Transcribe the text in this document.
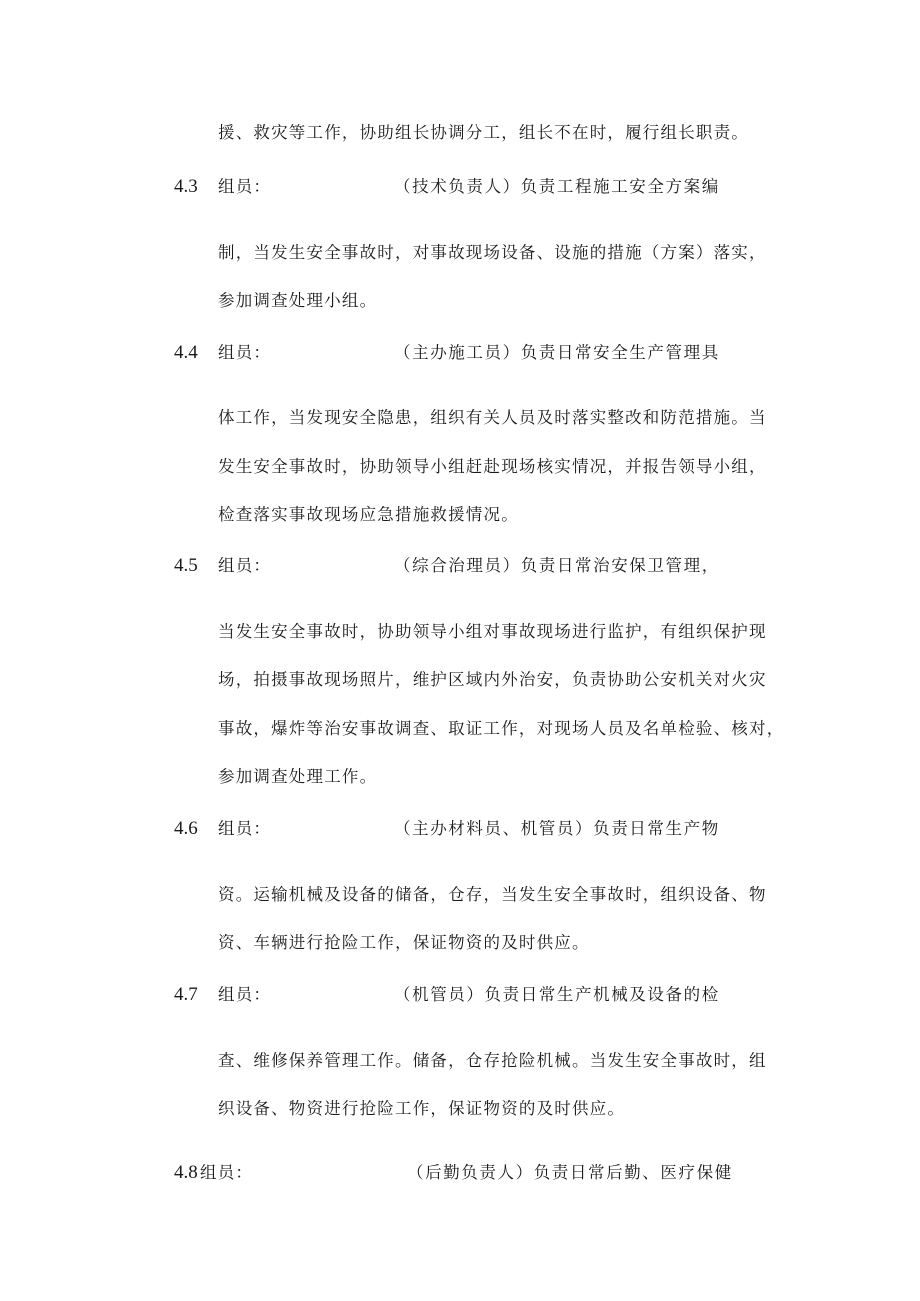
援、救灾等工作，协助组长协调分工，组长不在时，履行组长职责。
4.3 组员：	（技术负责人）负责工程施工安全方案编
制，当发生安全事故时，对事故现场设备、设施的措施（方案）落实，
参加调查处理小组。
4.4 组员：	（主办施工员）负责日常安全生产管理具
体工作，当发现安全隐患，组织有关人员及时落实整改和防范措施。当
发生安全事故时，协助领导小组赶赴现场核实情况，并报告领导小组，
检查落实事故现场应急措施救援情况。
4.5 组员：	（综合治理员）负责日常治安保卫管理，
当发生安全事故时，协助领导小组对事故现场进行监护，有组织保护现
场，拍摄事故现场照片，维护区域内外治安，负责协助公安机关对火灾
事故，爆炸等治安事故调查、取证工作，对现场人员及名单检验、核对，
参加调查处理工作。
4.6 组员：	（主办材料员、机管员）负责日常生产物
资。运输机械及设备的储备，仓存，当发生安全事故时，组织设备、物
资、车辆进行抢险工作，保证物资的及时供应。
4.7 组员：	（机管员）负责日常生产机械及设备的检
查、维修保养管理工作。储备，仓存抢险机械。当发生安全事故时，组
织设备、物资进行抢险工作，保证物资的及时供应。
4.8 组员：	（后勤负责人）负责日常后勤、医疗保健
